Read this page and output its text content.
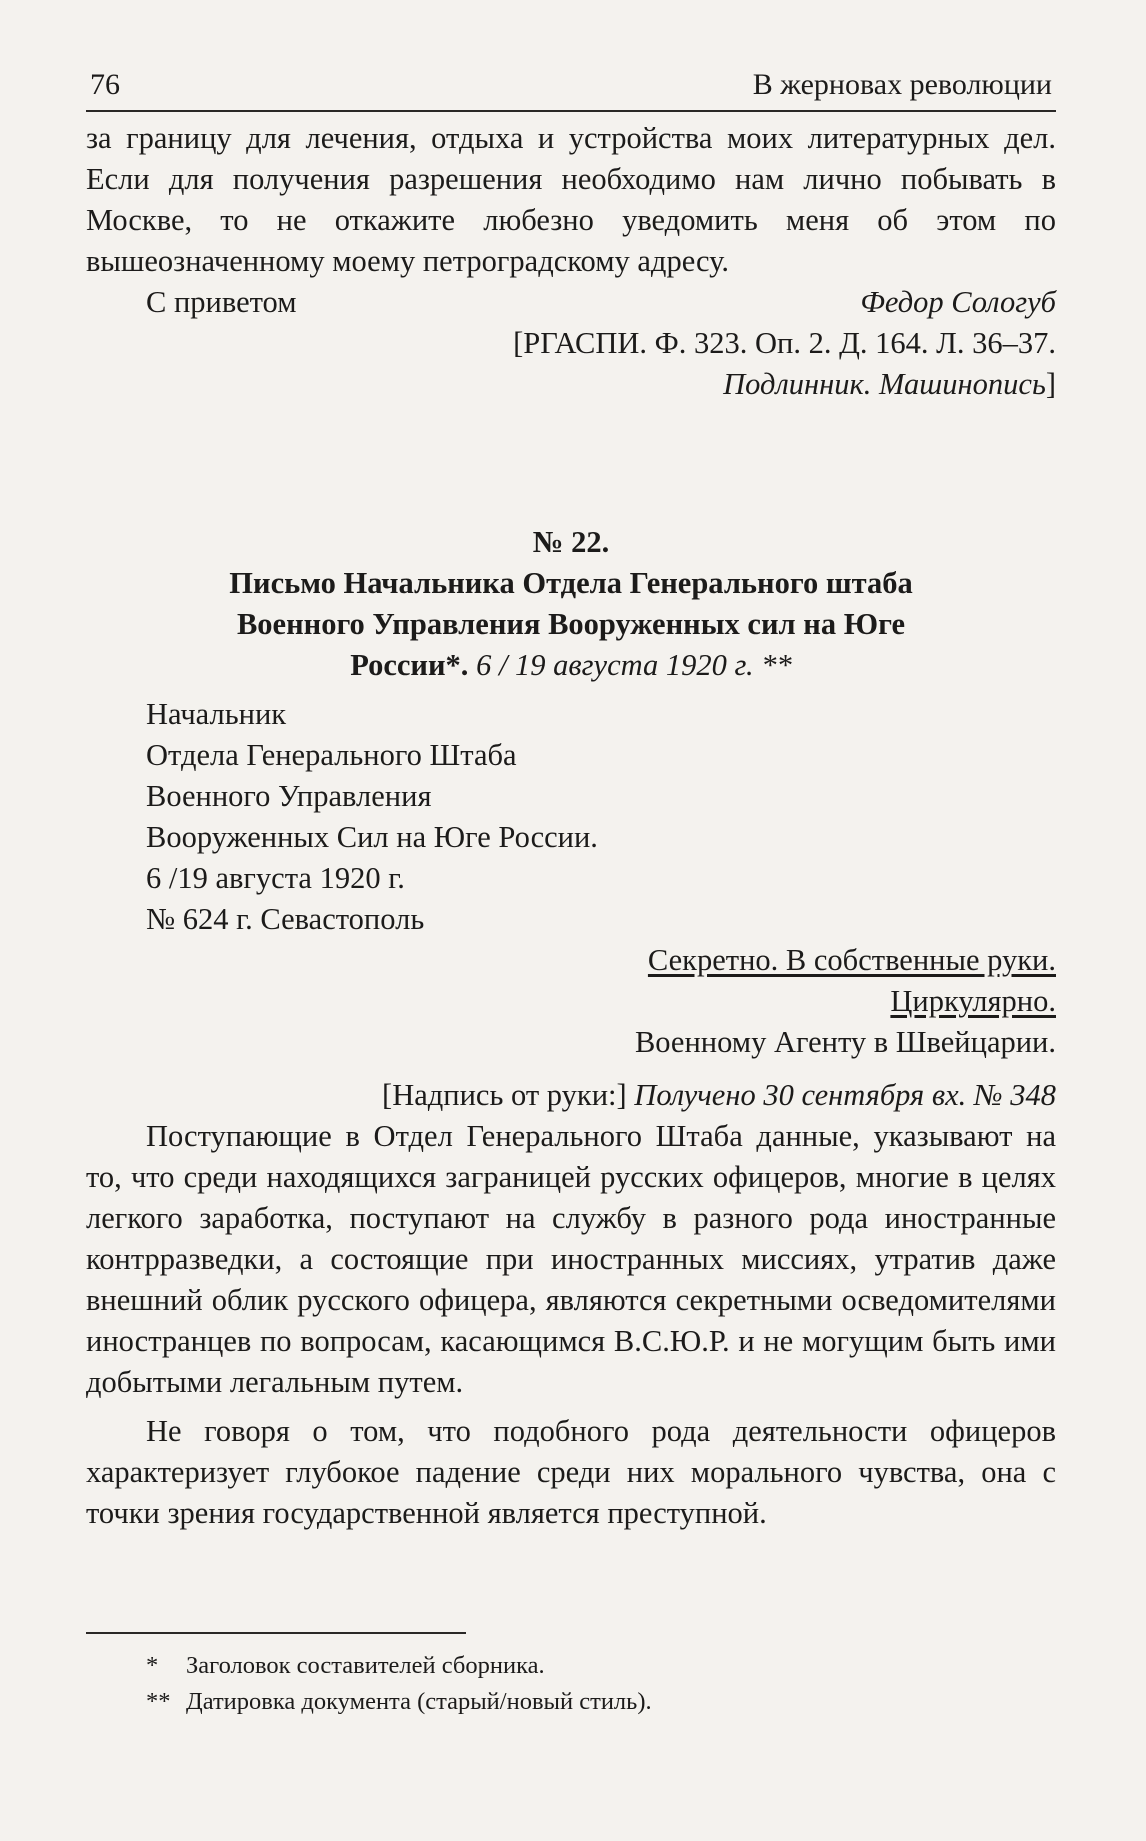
76	В жерновах революции

за границу для лечения, отдыха и устройства моих литературных дел. Если для получения разрешения необходимо нам лично побывать в Москве, то не откажите любезно уведомить меня об этом по вышеозначенному моему петроградскому адресу.

С приветом	Федор Сологуб
[РГАСПИ. Ф. 323. Оп. 2. Д. 164. Л. 36–37.
Подлинник. Машинопись]
№ 22.
Письмо Начальника Отдела Генерального штаба
Военного Управления Вооруженных сил на Юге
России*. 6 / 19 августа 1920 г. **
Начальник
Отдела Генерального Штаба
Военного Управления
Вооруженных Сил на Юге России.
6 /19 августа 1920 г.
№ 624 г. Севастополь
Секретно. В собственные руки.
Циркулярно.
Военному Агенту в Швейцарии.
[Надпись от руки:] Получено 30 сентября вх. № 348

Поступающие в Отдел Генерального Штаба данные, указывают на то, что среди находящихся заграницей русских офицеров, многие в целях легкого заработка, поступают на службу в разного рода иностранные контрразведки, а состоящие при иностранных миссиях, утратив даже внешний облик русского офицера, являются секретными осведомителями иностранцев по вопросам, касающимся В.С.Ю.Р. и не могущим быть ими добытыми легальным путем.

Не говоря о том, что подобного рода деятельности офицеров характеризует глубокое падение среди них морального чувства, она с точки зрения государственной является преступной.

* Заголовок составителей сборника.
** Датировка документа (старый/новый стиль).
